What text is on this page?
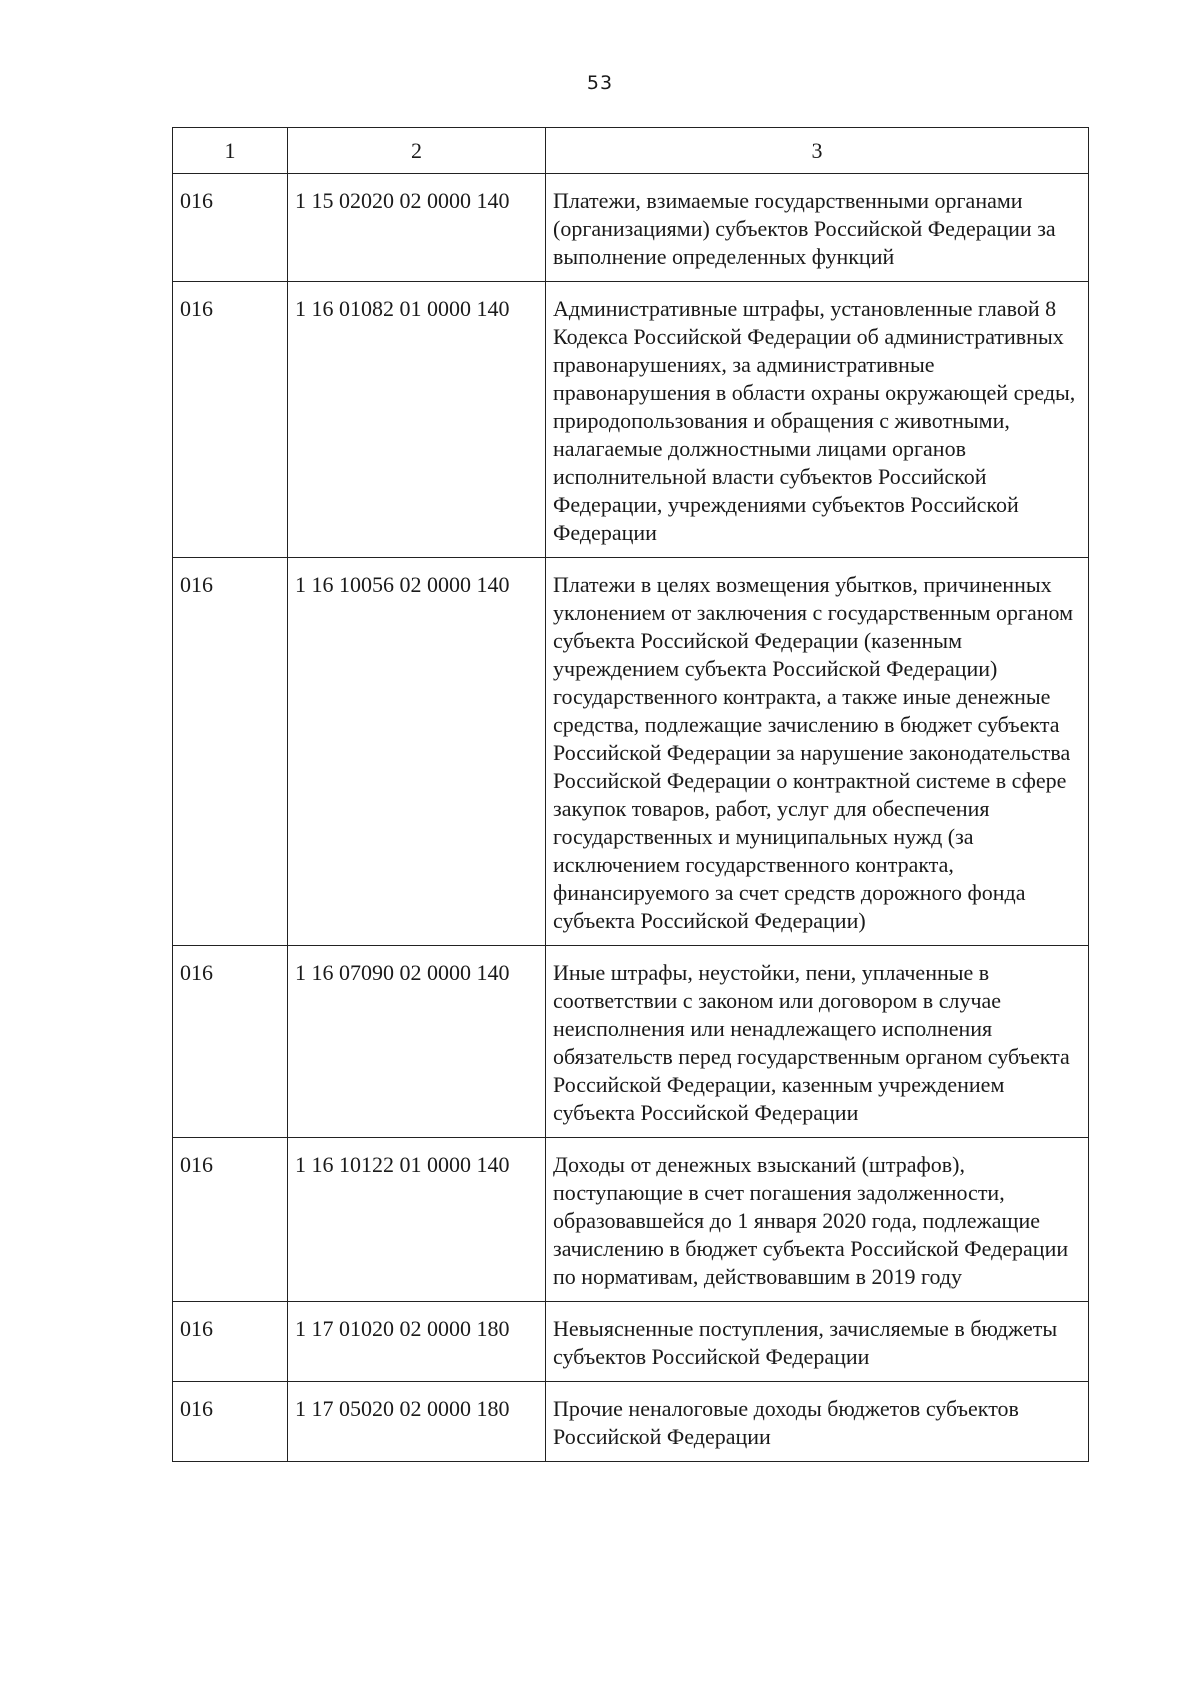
53
1	2	3
016	1 15 02020 02 0000 140	Платежи, взимаемые государственными органами (организациями) субъектов Российской Федерации за выполнение определенных функций
016	1 16 01082 01 0000 140	Административные штрафы, установленные главой 8 Кодекса Российской Федерации об административных правонарушениях, за административные правонарушения в области охраны окружающей среды, природопользования и обращения с животными, налагаемые должностными лицами органов исполнительной власти субъектов Российской Федерации, учреждениями субъектов Российской Федерации
016	1 16 10056 02 0000 140	Платежи в целях возмещения убытков, причиненных уклонением от заключения с государственным органом субъекта Российской Федерации (казенным учреждением субъекта Российской Федерации) государственного контракта, а также иные денежные средства, подлежащие зачислению в бюджет субъекта Российской Федерации за нарушение законодательства Российской Федерации о контрактной системе в сфере закупок товаров, работ, услуг для обеспечения государственных и муниципальных нужд (за исключением государственного контракта, финансируемого за счет средств дорожного фонда субъекта Российской Федерации)
016	1 16 07090 02 0000 140	Иные штрафы, неустойки, пени, уплаченные в соответствии с законом или договором в случае неисполнения или ненадлежащего исполнения обязательств перед государственным органом субъекта Российской Федерации, казенным учреждением субъекта Российской Федерации
016	1 16 10122 01 0000 140	Доходы от денежных взысканий (штрафов), поступающие в счет погашения задолженности, образовавшейся до 1 января 2020 года, подлежащие зачислению в бюджет субъекта Российской Федерации по нормативам, действовавшим в 2019 году
016	1 17 01020 02 0000 180	Невыясненные поступления, зачисляемые в бюджеты субъектов Российской Федерации
016	1 17 05020 02 0000 180	Прочие неналоговые доходы бюджетов субъектов Российской Федерации
